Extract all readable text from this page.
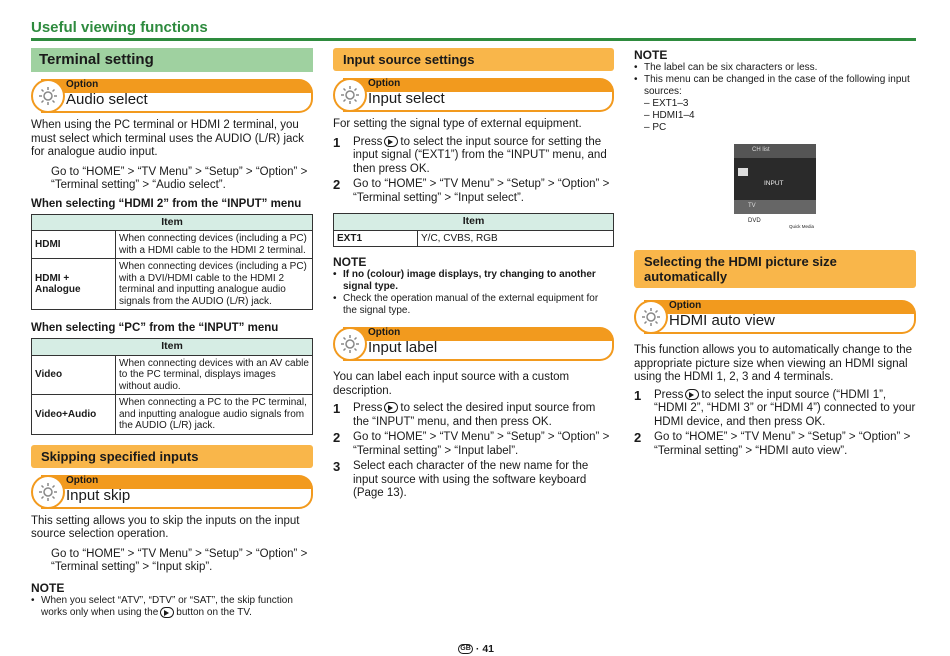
Useful viewing functions
Terminal setting
Option
Audio select

When using the PC terminal or HDMI 2 terminal, you must select which terminal uses the AUDIO (L/R) jack for analogue audio input.

Go to “HOME” > “TV Menu” > “Setup” > “Option” > “Terminal setting” > “Audio select”.

When selecting “HDMI 2” from the “INPUT” menu

Item	
HDMI	When connecting devices (including a PC) with a HDMI cable to the HDMI 2 terminal.
HDMI + Analogue	When connecting devices (including a PC) with a DVI/HDMI cable to the HDMI 2 terminal and inputting analogue audio signals from the AUDIO (L/R) jack.

When selecting “PC” from the “INPUT” menu

Item	
Video	When connecting devices with an AV cable to the PC terminal, displays images without audio.
Video+Audio	When connecting a PC to the PC terminal, and inputting analogue audio signals from the AUDIO (L/R) jack.
Skipping specified inputs
Option
Input skip

This setting allows you to skip the inputs on the input source selection operation.

Go to “HOME” > “TV Menu” > “Setup” > “Option” > “Terminal setting” > “Input skip”.

NOTE
• When you select “ATV”, “DTV” or “SAT”, the skip function works only when using the button on the TV.
Input source settings
Option
Input select

For setting the signal type of external equipment.

1	Press to select the input source for setting the input signal (“EXT1”) from the “INPUT” menu, and then press OK.
2	Go to “HOME” > “TV Menu” > “Setup” > “Option” > “Terminal setting” > “Input select”.
Item
EXT1	Y/C, CVBS, RGB
NOTE
• If no (colour) image displays, try changing to another signal type.
• Check the operation manual of the external equipment for the signal type.
Option
Input label

You can label each input source with a custom description.

1	Press to select the desired input source from the “INPUT” menu, and then press OK.
2	Go to “HOME” > “TV Menu” > “Setup” > “Option” > “Terminal setting” > “Input label”.
3	Select each character of the new name for the input source with using the software keyboard (Page 13).
NOTE
• The label can be six characters or less.
• This menu can be changed in the case of the following input sources:
– EXT1–3
– HDMI1–4
– PC
CH list
INPUT
TV
DVD
Quick Media
Selecting the HDMI picture size automatically
Option
HDMI auto view

This function allows you to automatically change to the appropriate picture size when viewing an HDMI signal using the HDMI 1, 2, 3 and 4 terminals.

1	Press to select the input source (“HDMI 1”, “HDMI 2”, “HDMI 3” or “HDMI 4”) connected to your HDMI device, and then press OK.
2	Go to “HOME” > “TV Menu” > “Setup” > “Option” > “Terminal setting” > “HDMI auto view”.
GB · 41
